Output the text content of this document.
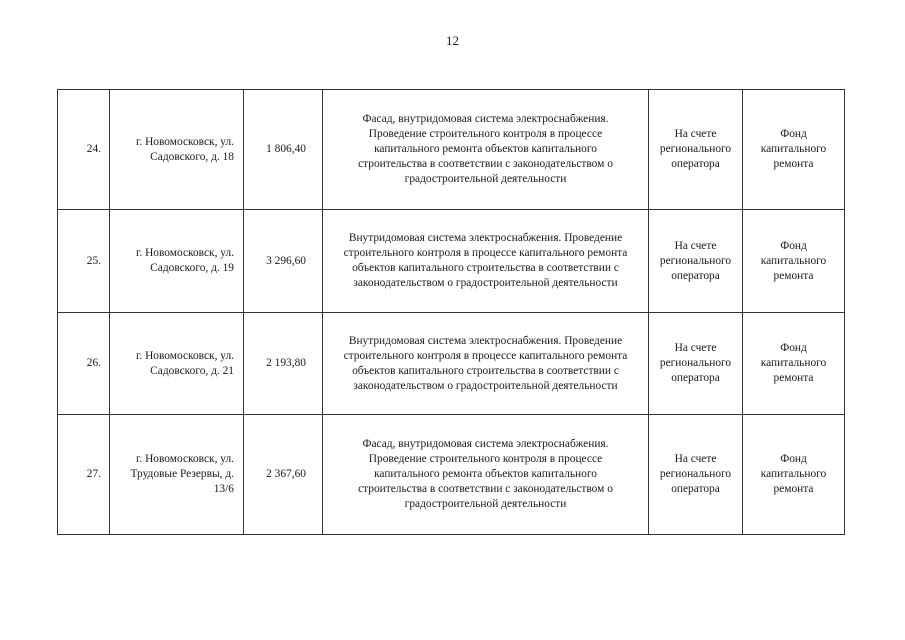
12
24.	г. Новомосковск, ул. Садовского, д. 18	1 806,40	Фасад, внутридомовая система электроснабжения. Проведение строительного контроля в процессе капитального ремонта объектов капитального строительства в соответствии с законодательством о градостроительной деятельности	На счете регионального оператора	Фонд капитального ремонта
25.	г. Новомосковск, ул. Садовского, д. 19	3 296,60	Внутридомовая система электроснабжения. Проведение строительного контроля в процессе капитального ремонта объектов капитального строительства в соответствии с законодательством о градостроительной деятельности	На счете регионального оператора	Фонд капитального ремонта
26.	г. Новомосковск, ул. Садовского, д. 21	2 193,80	Внутридомовая система электроснабжения. Проведение строительного контроля в процессе капитального ремонта объектов капитального строительства в соответствии с законодательством о градостроительной деятельности	На счете регионального оператора	Фонд капитального ремонта
27.	г. Новомосковск, ул. Трудовые Резервы, д. 13/6	2 367,60	Фасад, внутридомовая система электроснабжения. Проведение строительного контроля в процессе капитального ремонта объектов капитального строительства в соответствии с законодательством о градостроительной деятельности	На счете регионального оператора	Фонд капитального ремонта
